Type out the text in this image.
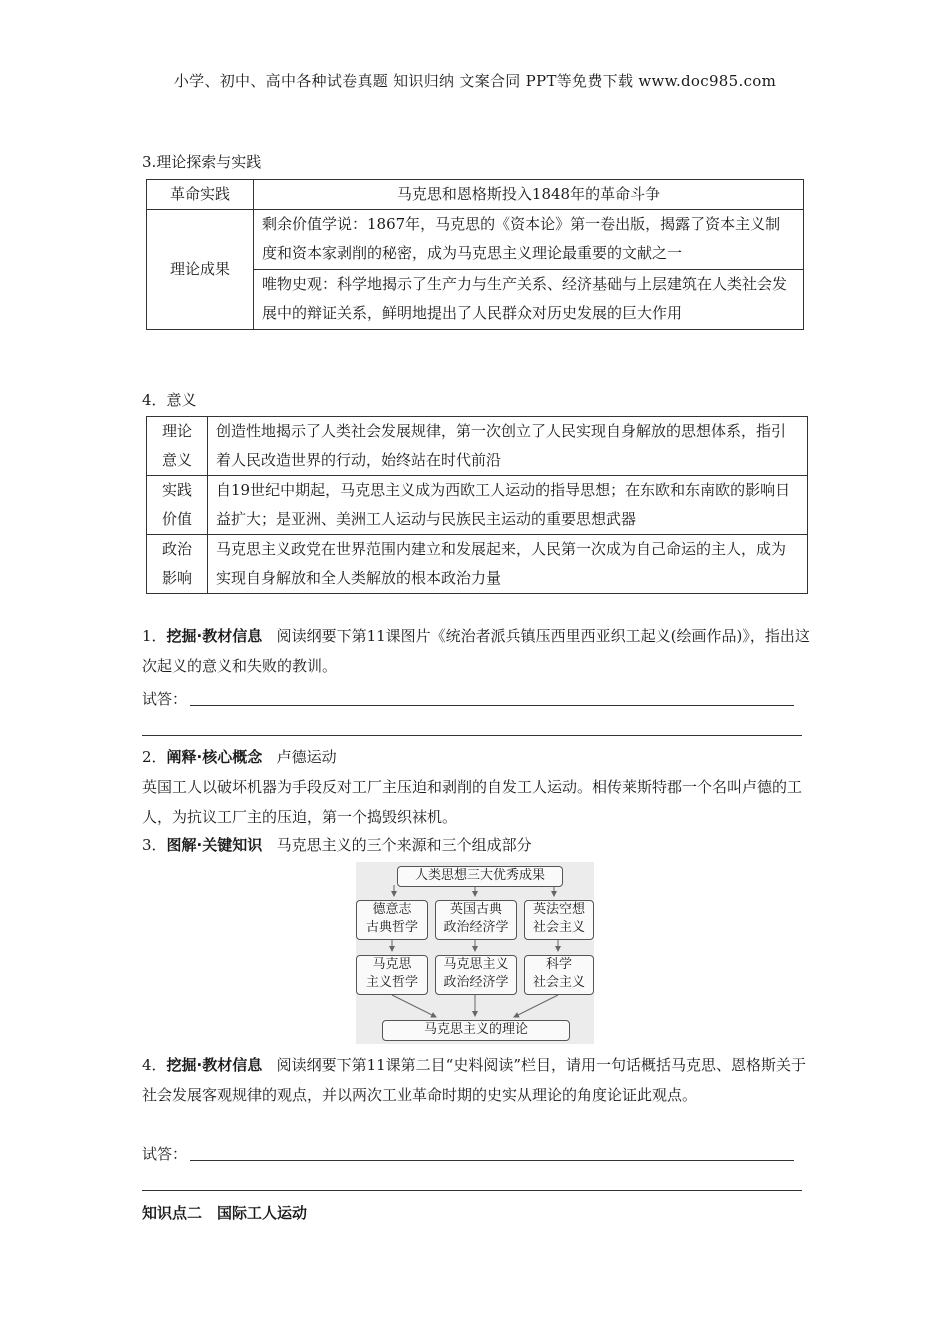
小学、初中、高中各种试卷真题 知识归纳 文案合同 PPT等免费下载 www.doc985.com
3.理论探索与实践
革命实践	马克思和恩格斯投入1848年的革命斗争
理论成果	剩余价值学说：1867年，马克思的《资本论》第一卷出版，揭露了资本主义制度和资本家剥削的秘密，成为马克思主义理论最重要的文献之一
	唯物史观：科学地揭示了生产力与生产关系、经济基础与上层建筑在人类社会发展中的辩证关系，鲜明地提出了人民群众对历史发展的巨大作用
4．意义
理论
意义	创造性地揭示了人类社会发展规律，第一次创立了人民实现自身解放的思想体系，指引着人民改造世界的行动，始终站在时代前沿
实践
价值	自19世纪中期起，马克思主义成为西欧工人运动的指导思想；在东欧和东南欧的影响日益扩大；是亚洲、美洲工人运动与民族民主运动的重要思想武器
政治
影响	马克思主义政党在世界范围内建立和发展起来，人民第一次成为自己命运的主人，成为实现自身解放和全人类解放的根本政治力量
1．挖掘·教材信息 阅读纲要下第11课图片《统治者派兵镇压西里西亚织工起义(绘画作品)》，指出这次起义的意义和失败的教训。
试答：
2．阐释·核心概念 卢德运动
英国工人以破坏机器为手段反对工厂主压迫和剥削的自发工人运动。相传莱斯特郡一个名叫卢德的工人，为抗议工厂主的压迫，第一个捣毁织袜机。
3．图解·关键知识 马克思主义的三个来源和三个组成部分
人类思想三大优秀成果
德意志
古典哲学
英国古典
政治经济学
英法空想
社会主义
马克思
主义哲学
马克思主义
政治经济学
科学
社会主义
马克思主义的理论
4．挖掘·教材信息 阅读纲要下第11课第二目“史料阅读”栏目，请用一句话概括马克思、恩格斯关于社会发展客观规律的观点，并以两次工业革命时期的史实从理论的角度论证此观点。
试答：
知识点二　国际工人运动
